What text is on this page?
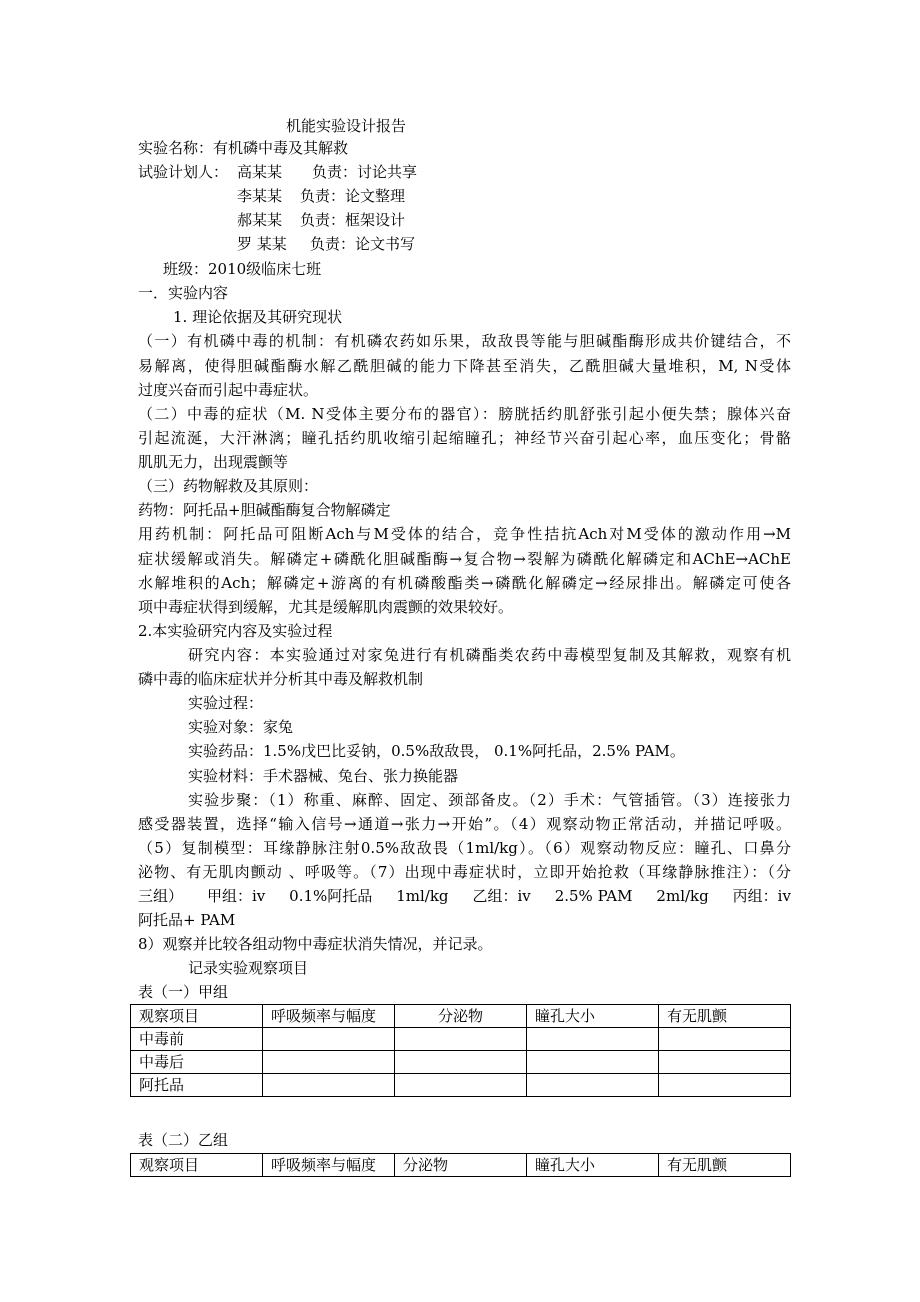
机能实验设计报告
实验名称：有机磷中毒及其解救
试验计划人： 高某某 负责：讨论共享
李某某 负责：论文整理
郝某某 负责：框架设计
罗 某某 负责：论文书写
班级：2010级临床七班
一．实验内容
1. 理论依据及其研究现状
（一）有机磷中毒的机制：有机磷农药如乐果，敌敌畏等能与胆碱酯酶形成共价键结合，不
易解离，使得胆碱酯酶水解乙酰胆碱的能力下降甚至消失，乙酰胆碱大量堆积，M, N受体
过度兴奋而引起中毒症状。
（二）中毒的症状（M. N受体主要分布的器官）：膀胱括约肌舒张引起小便失禁；腺体兴奋
引起流涎，大汗淋漓；瞳孔括约肌收缩引起缩瞳孔；神经节兴奋引起心率，血压变化；骨骼
肌肌无力，出现震颤等
（三）药物解救及其原则：
药物：阿托品+胆碱酯酶复合物解磷定
用药机制：阿托品可阻断Ach与M受体的结合，竞争性拮抗Ach对M受体的激动作用→M
症状缓解或消失。解磷定+磷酰化胆碱酯酶→复合物→裂解为磷酰化解磷定和AChE→AChE
水解堆积的Ach；解磷定+游离的有机磷酸酯类→磷酰化解磷定→经尿排出。解磷定可使各
项中毒症状得到缓解，尤其是缓解肌肉震颤的效果较好。
2.本实验研究内容及实验过程
研究内容：本实验通过对家兔进行有机磷酯类农药中毒模型复制及其解救，观察有机
磷中毒的临床症状并分析其中毒及解救机制
实验过程：
实验对象：家兔
实验药品：1.5%戊巴比妥钠，0.5%敌敌畏， 0.1%阿托品，2.5% PAM。
实验材料：手术器械、兔台、张力换能器
实验步聚：（1）称重、麻醉、固定、颈部备皮。（2）手术：气管插管。（3）连接张力
感受器装置，选择“输入信号→通道→张力→开始”。（4）观察动物正常活动，并描记呼吸。
（5）复制模型：耳缘静脉注射0.5%敌敌畏（1ml/kg）。（6）观察动物反应：瞳孔、口鼻分
泌物、有无肌肉颤动 、呼吸等。（7）出现中毒症状时，立即开始抢救（耳缘静脉推注）：（分
三组） 甲组：iv 0.1%阿托品 1ml/kg 乙组：iv 2.5% PAM 2ml/kg 丙组：iv
阿托品+ PAM
8）观察并比较各组动物中毒症状消失情况，并记录。
记录实验观察项目
表（一）甲组
观察项目	呼吸频率与幅度	分泌物	瞳孔大小	有无肌颤
中毒前				
中毒后				
阿托品				
表（二）乙组
观察项目	呼吸频率与幅度	分泌物	瞳孔大小	有无肌颤
